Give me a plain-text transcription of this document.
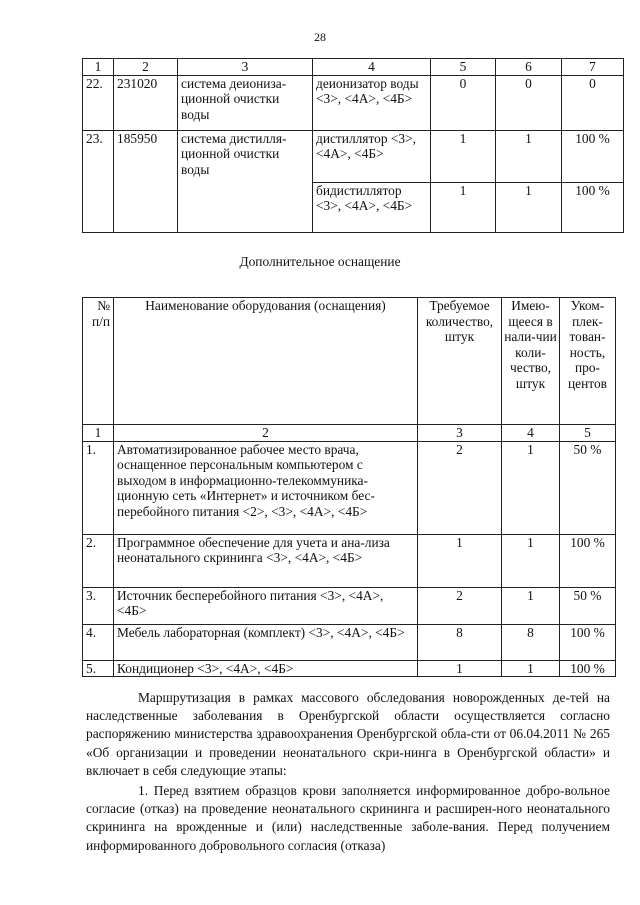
28
1	2	3	4	5	6	7
22.	231020	система деиониза-ционной очистки воды	деионизатор воды <3>, <4А>, <4Б>	0	0	0
23.	185950	система дистилля-ционной очистки воды	дистиллятор <3>, <4А>, <4Б>	1	1	100 %
			бидистиллятор <3>, <4А>, <4Б>	1	1	100 %
Дополнительное оснащение
№ п/п	Наименование оборудования (оснащения)	Требуемое количество, штук	Имею-щееся в нали-чии коли-чество, штук	Уком-плек-тован-ность, про-центов
1	2	3	4	5
1.	Автоматизированное рабочее место врача, оснащенное персональным компьютером с выходом в информационно-телекоммуника-ционную сеть «Интернет» и источником бес-перебойного питания <2>, <3>, <4А>, <4Б>	2	1	50 %
2.	Программное обеспечение для учета и ана-лиза неонатального скрининга <3>, <4А>, <4Б>	1	1	100 %
3.	Источник бесперебойного питания <3>, <4А>, <4Б>	2	1	50 %
4.	Мебель лабораторная (комплект) <3>, <4А>, <4Б>	8	8	100 %
5.	Кондиционер <3>, <4А>, <4Б>	1	1	100 %

Маршрутизация в рамках массового обследования новорожденных де-тей на наследственные заболевания в Оренбургской области осуществляется согласно распоряжению министерства здравоохранения Оренбургской обла-сти от 06.04.2011 № 265 «Об организации и проведении неонатального скри-нинга в Оренбургской области» и включает в себя следующие этапы:

1. Перед взятием образцов крови заполняется информированное добро-вольное согласие (отказ) на проведение неонатального скрининга и расширен-ного неонатального скрининга на врожденные и (или) наследственные заболе-вания. Перед получением информированного добровольного согласия (отказа)
